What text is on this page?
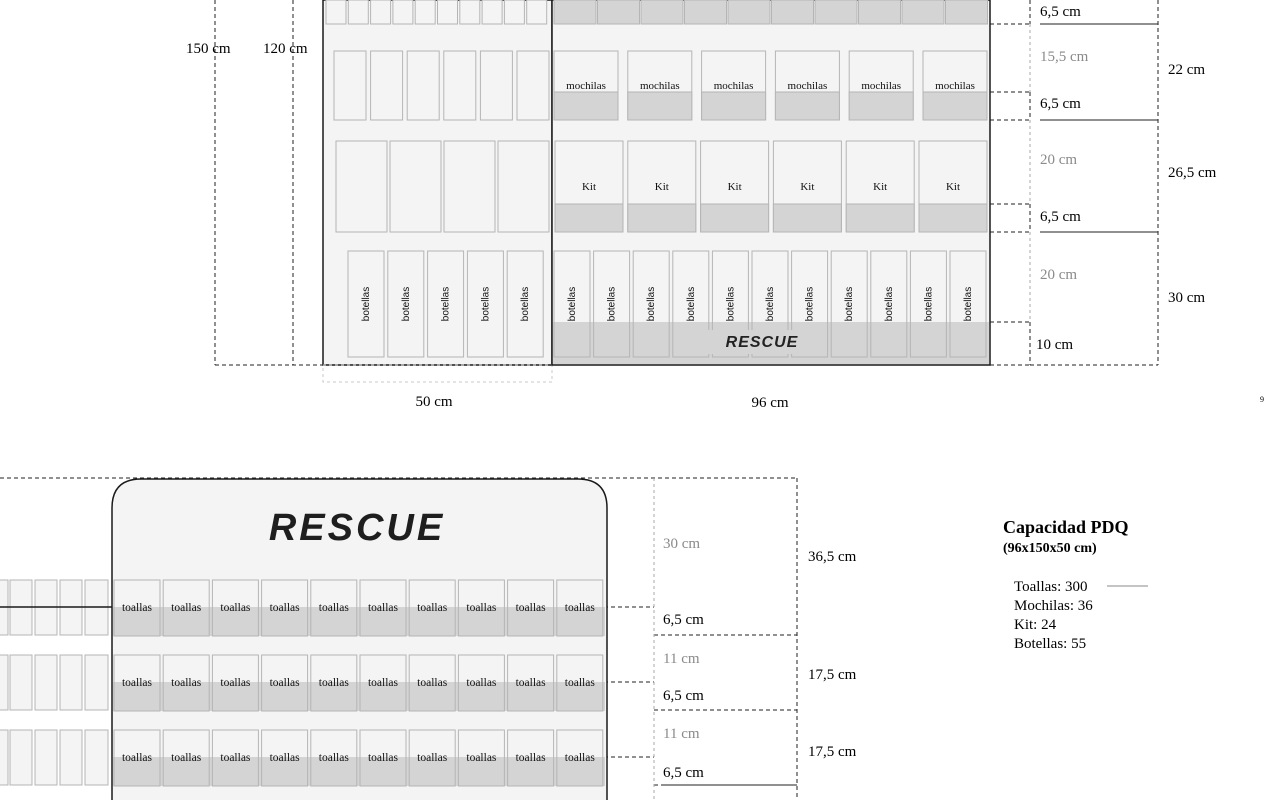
botellas	botellas	botellas	botellas	botellas
mochilas	mochilas	mochilas	mochilas	mochilas	mochilas
Kit	Kit	Kit	Kit	Kit	Kit
botellas	botellas	botellas	botellas	botellas	botellas	botellas	botellas	botellas	botellas	botellas
150 cm 120 cm
6,5 cm
15,5 cm
6,5 cm
20 cm
6,5 cm
20 cm
10 cm
22 cm
26,5 cm
30 cm
50 cm	96 cm	9
RESCUE
RESCUE
toallas toallas toallas toallas toallas toallas toallas toallas toallas toallas
toallas toallas toallas toallas toallas toallas toallas toallas toallas toallas
toallas toallas toallas toallas toallas toallas toallas toallas toallas toallas
30 cm
6,5 cm
11 cm
6,5 cm
11 cm
6,5 cm
36,5 cm
17,5 cm
17,5 cm
Capacidad PDQ
(96x150x50 cm)
Toallas: 300
Mochilas: 36
Kit: 24
Botellas: 55
